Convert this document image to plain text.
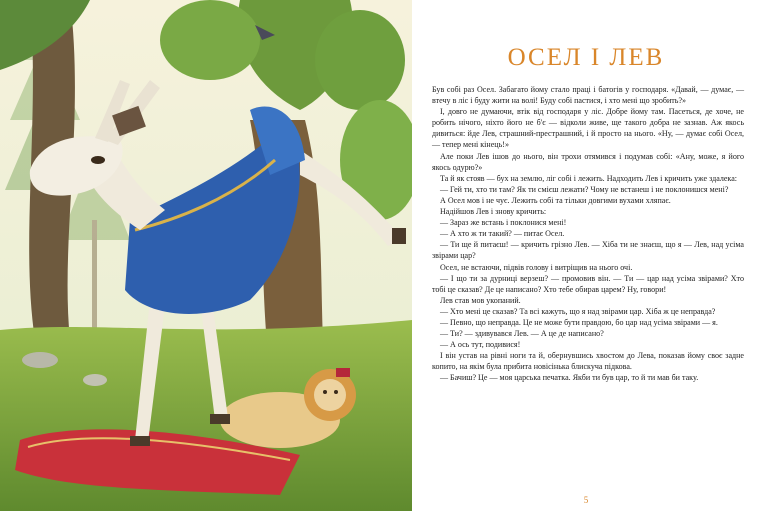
ОСЕЛ І ЛЕВ

Був собі раз Осел. Забагато йому стало праці і батогів у господаря. «Давай, — думає, — втечу в ліс і буду жити на волі! Буду собі пастися, і хто мені що зробить?»

І, довго не думаючи, втік від господаря у ліс. Добре йому там. Пасеться, де хоче, не робить нічого, ніхто його не б'є — відколи живе, ще такого добра не зазнав. Аж якось дивиться: йде Лев, страшний-престрашний, і й просто на нього. «Ну, — думає собі Осел, — тепер мені кінець!»

Але поки Лев ішов до нього, він трохи отямився і подумав собі: «Ану, може, я його якось одурю?»

Та й як стояв — бух на землю, ліг собі і лежить. Надходить Лев і кричить уже здалека:

— Гей ти, хто ти там? Як ти смієш лежати? Чому не встанеш і не поклонишся мені?

А Осел мов і не чує. Лежить собі та тільки довгими вухами хляпає.

Надійшов Лев і знову кричить:

— Зараз же встань і поклонися мені!

— А хто ж ти такий? — питає Осел.

— Ти ще й питаєш! — кричить грізно Лев. — Хіба ти не знаєш, що я — Лев, над усіма звірами цар?

Осел, не встаючи, підвів голову і витріщив на нього очі.

— І що ти за дурниці верзеш? — промовив він. — Ти — цар над усіма звірами? Хто тобі це сказав? Де це написано? Хто тебе обирав царем? Ну, говори!

Лев став мов укопаний.

— Хто мені це сказав? Та всі кажуть, що я над звірами цар. Хіба ж це неправда?

— Певно, що неправда. Це не може бути правдою, бо цар над усіма звірами — я.

— Ти? — здивувався Лев. — А це де написано?

— А ось тут, подивися!

І він устав на рівні ноги та й, обернувшись хвостом до Лева, показав йому своє задне копито, на якім була прибита новісінька блискуча підкова.

— Бачиш? Це — моя царська печатка. Якби ти був цар, то й ти мав би таку.

5
